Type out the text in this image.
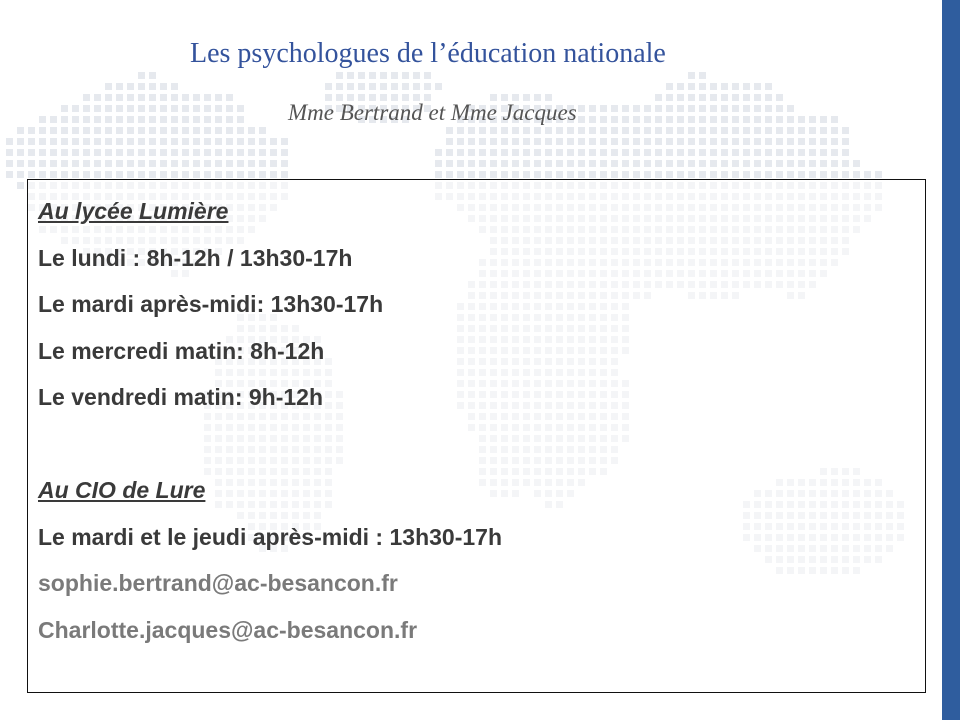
Les psychologues de l’éducation nationale
Mme Bertrand et Mme Jacques
Au lycée Lumière
Le lundi : 8h-12h / 13h30-17h
Le mardi après-midi: 13h30-17h
Le mercredi matin: 8h-12h
Le vendredi matin: 9h-12h
Au CIO de Lure
Le mardi et le jeudi après-midi : 13h30-17h
sophie.bertrand@ac-besancon.fr
Charlotte.jacques@ac-besancon.fr
